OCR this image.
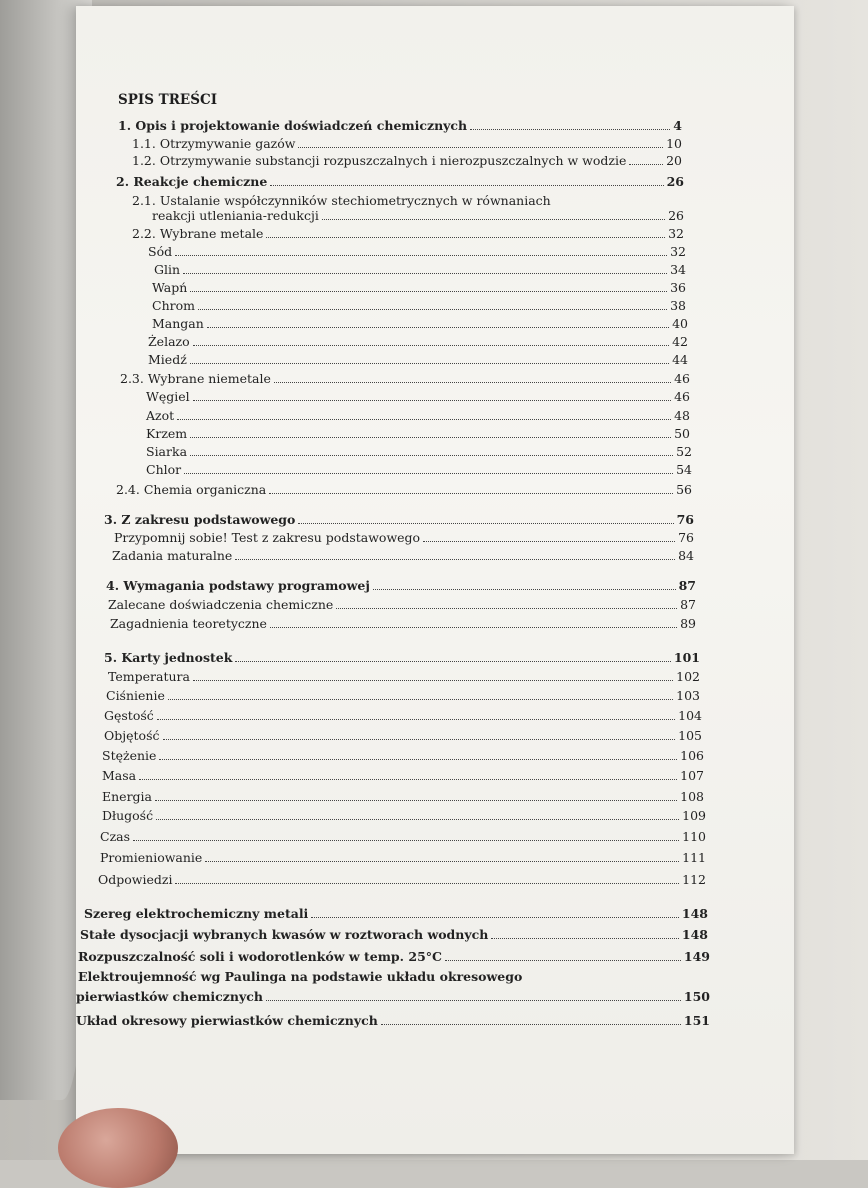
SPIS TREŚCI
1. Opis i projektowanie doświadczeń chemicznych	4
1.1. Otrzymywanie gazów	10
1.2. Otrzymywanie substancji rozpuszczalnych i nierozpuszczalnych w wodzie	20
2. Reakcje chemiczne	26
2.1. Ustalanie współczynników stechiometrycznych w równaniach
reakcji utleniania-redukcji	26
2.2. Wybrane metale	32
Sód	32
Glin	34
Wapń	36
Chrom	38
Mangan	40
Żelazo	42
Miedź	44
2.3. Wybrane niemetale	46
Węgiel	46
Azot	48
Krzem	50
Siarka	52
Chlor	54
2.4. Chemia organiczna	56
3. Z zakresu podstawowego	76
Przypomnij sobie! Test z zakresu podstawowego	76
Zadania maturalne	84
4. Wymagania podstawy programowej	87
Zalecane doświadczenia chemiczne	87
Zagadnienia teoretyczne	89
5. Karty jednostek	101
Temperatura	102
Ciśnienie	103
Gęstość	104
Objętość	105
Stężenie	106
Masa	107
Energia	108
Długość	109
Czas	110
Promieniowanie	111
Odpowiedzi	112
Szereg elektrochemiczny metali	148
Stałe dysocjacji wybranych kwasów w roztworach wodnych	148
Rozpuszczalność soli i wodorotlenków w temp. 25°C	149
Elektroujemność wg Paulinga na podstawie układu okresowego
pierwiastków chemicznych	150
Układ okresowy pierwiastków chemicznych	151
